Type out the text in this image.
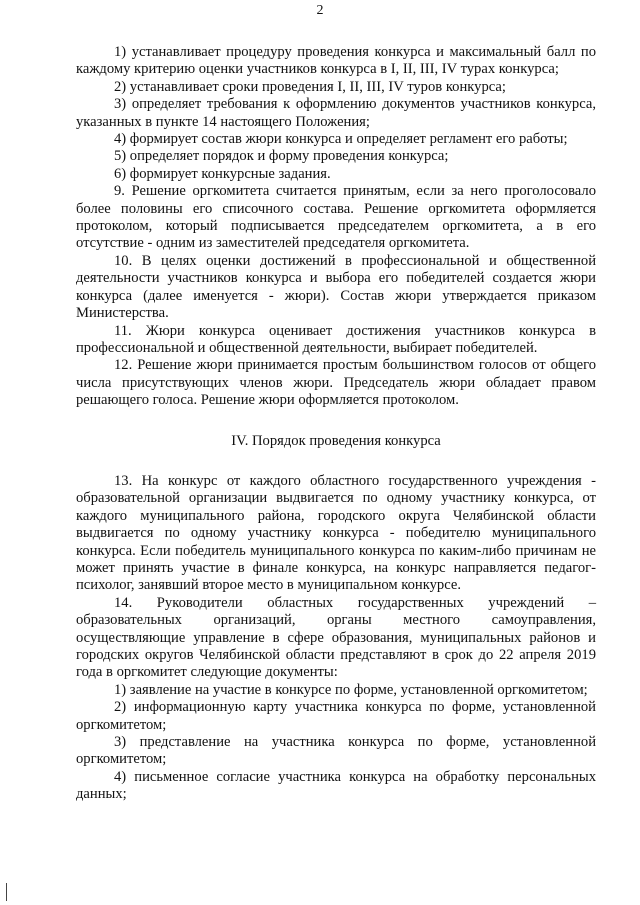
2

1) устанавливает процедуру проведения конкурса и максимальный балл по каждому критерию оценки участников конкурса в I, II, III, IV турах конкурса;

2) устанавливает сроки проведения I, II, III, IV туров конкурса;

3) определяет требования к оформлению документов участников конкурса, указанных в пункте 14 настоящего Положения;

4) формирует состав жюри конкурса и определяет регламент его работы;

5) определяет порядок и форму проведения конкурса;

6) формирует конкурсные задания.

9. Решение оргкомитета считается принятым, если за него проголосовало более половины его списочного состава. Решение оргкомитета оформляется протоколом, который подписывается председателем оргкомитета, а в его отсутствие - одним из заместителей председателя оргкомитета.

10. В целях оценки достижений в профессиональной и общественной деятельности участников конкурса и выбора его победителей создается жюри конкурса (далее именуется - жюри). Состав жюри утверждается приказом Министерства.

11. Жюри конкурса оценивает достижения участников конкурса в профессиональной и общественной деятельности, выбирает победителей.

12. Решение жюри принимается простым большинством голосов от общего числа присутствующих членов жюри. Председатель жюри обладает правом решающего голоса. Решение жюри оформляется протоколом.

IV. Порядок проведения конкурса

13. На конкурс от каждого областного государственного учреждения - образовательной организации выдвигается по одному участнику конкурса, от каждого муниципального района, городского округа Челябинской области выдвигается по одному участнику конкурса - победителю муниципального конкурса. Если победитель муниципального конкурса по каким-либо причинам не может принять участие в финале конкурса, на конкурс направляется педагог-психолог, занявший второе место в муниципальном конкурсе.

14. Руководители областных государственных учреждений – образовательных организаций, органы местного самоуправления, осуществляющие управление в сфере образования, муниципальных районов и городских округов Челябинской области представляют в срок до 22 апреля 2019 года в оргкомитет следующие документы:

1) заявление на участие в конкурсе по форме, установленной оргкомитетом;

2) информационную карту участника конкурса по форме, установленной оргкомитетом;

3) представление на участника конкурса по форме, установленной оргкомитетом;

4) письменное согласие участника конкурса на обработку персональных данных;
